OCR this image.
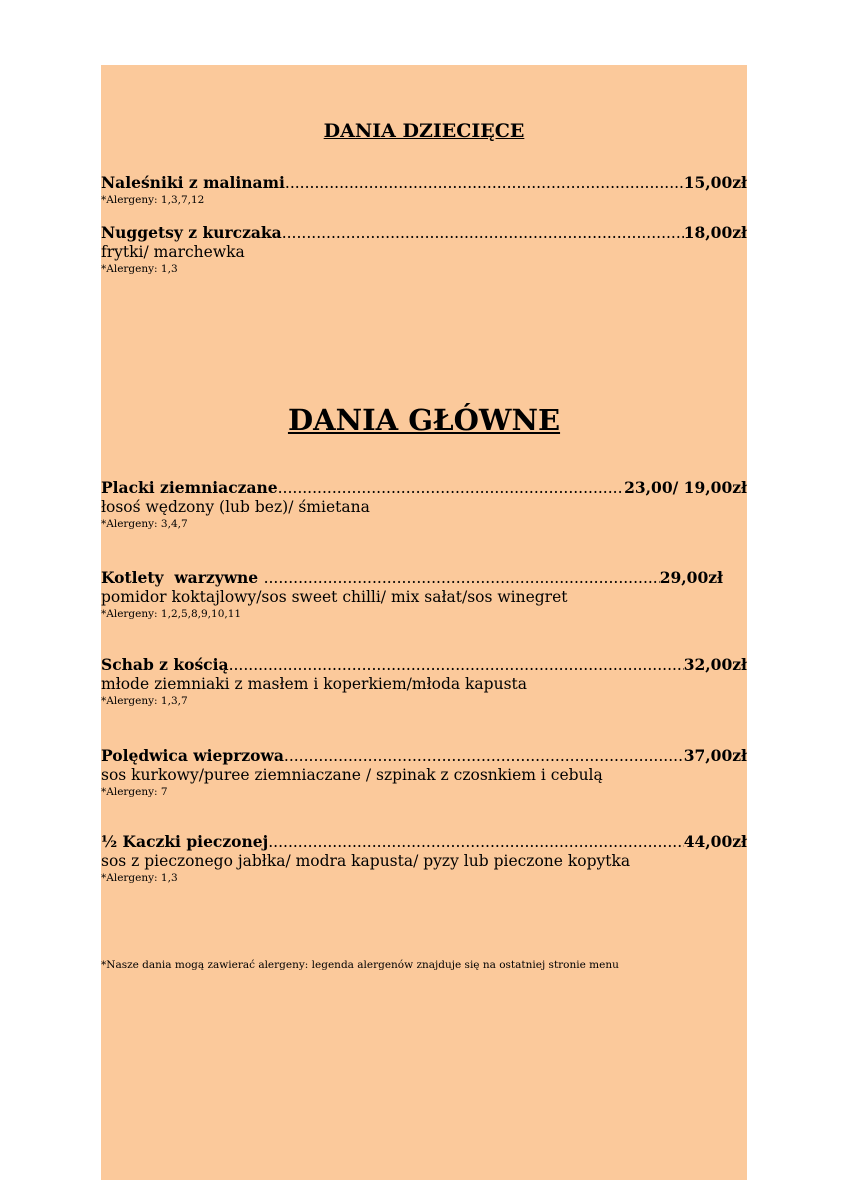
DANIA DZIECIĘCE
Naleśniki z malinami .....	15,00zł
*Alergeny: 1,3,7,12
Nuggetsy z kurczaka .....	18,00zł
frytki/ marchewka
*Alergeny: 1,3
DANIA GŁÓWNE
Placki ziemniaczane .....	23,00/ 19,00zł
łosoś wędzony (lub bez)/ śmietana
*Alergeny: 3,4,7
Kotlety  warzywne .....	29,00zł
pomidor koktajlowy/sos sweet chilli/ mix sałat/sos winegret
*Alergeny: 1,2,5,8,9,10,11
Schab z kością .....	32,00zł
młode ziemniaki z masłem i koperkiem/młoda kapusta
*Alergeny: 1,3,7
Polędwica wieprzowa .....	37,00zł
sos kurkowy/puree ziemniaczane / szpinak z czosnkiem i cebulą
*Alergeny: 7
½ Kaczki pieczonej .....	44,00zł
sos z pieczonego jabłka/ modra kapusta/ pyzy lub pieczone kopytka
*Alergeny: 1,3
*Nasze dania mogą zawierać alergeny: legenda alergenów znajduje się na ostatniej stronie menu
